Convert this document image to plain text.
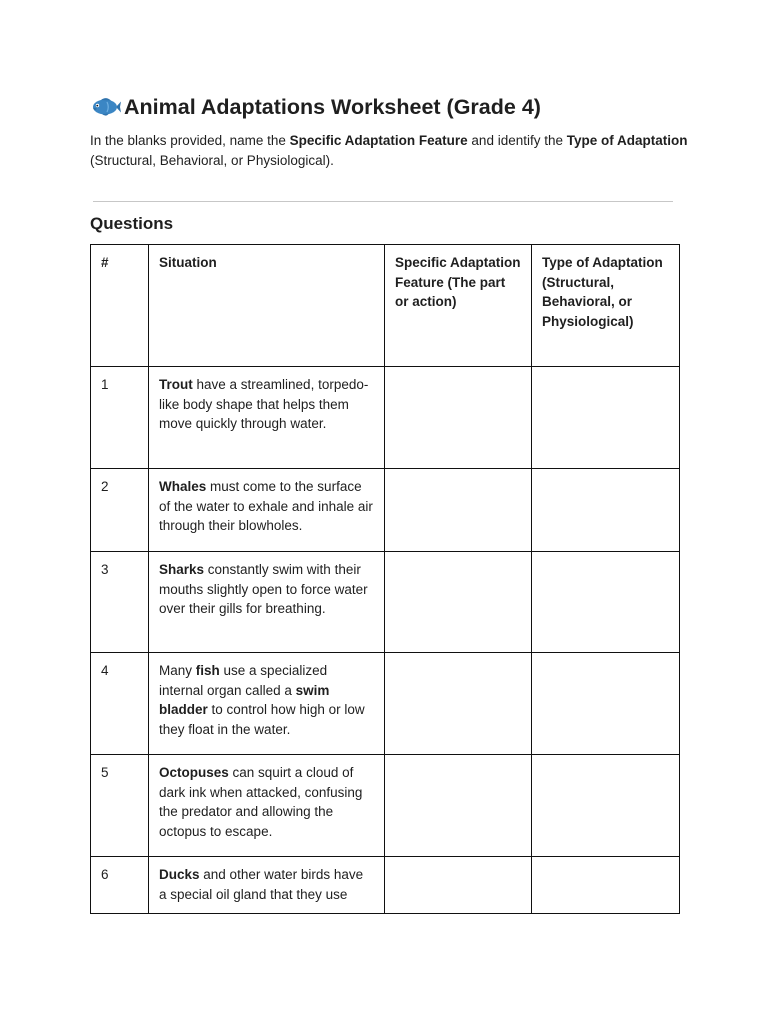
Animal Adaptations Worksheet (Grade 4)

In the blanks provided, name the Specific Adaptation Feature and identify the Type of Adaptation (Structural, Behavioral, or Physiological).

Questions
#	Situation	Specific Adaptation Feature (The part or action)	Type of Adaptation (Structural, Behavioral, or Physiological)
1	Trout have a streamlined, torpedo-like body shape that helps them move quickly through water.		
2	Whales must come to the surface of the water to exhale and inhale air through their blowholes.		
3	Sharks constantly swim with their mouths slightly open to force water over their gills for breathing.		
4	Many fish use a specialized internal organ called a swim bladder to control how high or low they float in the water.		
5	Octopuses can squirt a cloud of dark ink when attacked, confusing the predator and allowing the octopus to escape.		
6	Ducks and other water birds have a special oil gland that they use		
